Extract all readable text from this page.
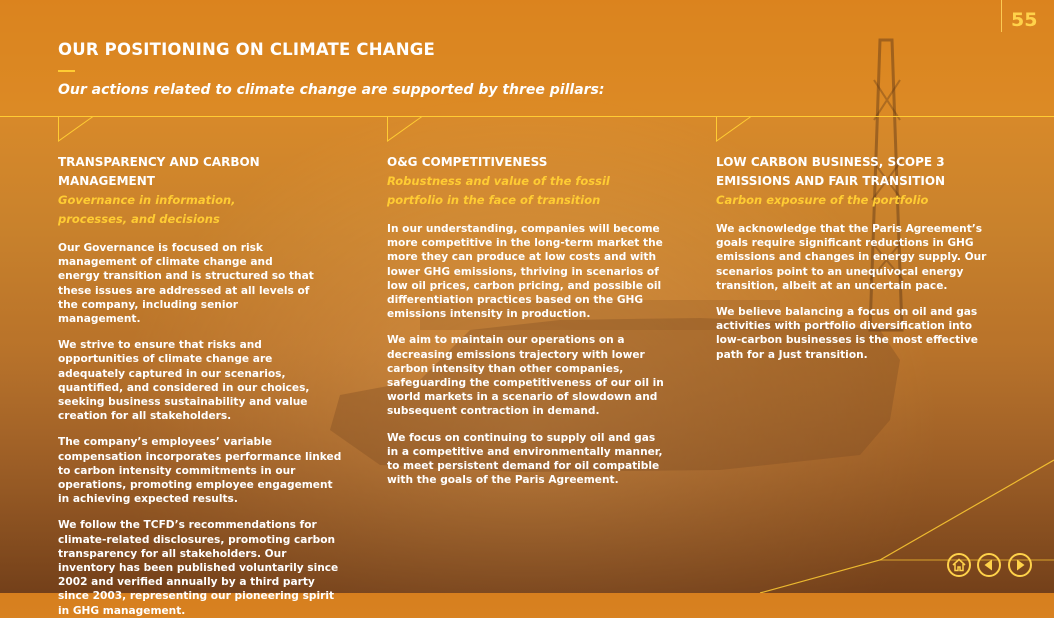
55
OUR POSITIONING ON CLIMATE CHANGE
Our actions related to climate change are supported by three pillars:
TRANSPARENCY AND CARBON MANAGEMENT
Governance in information, processes, and decisions
Our Governance is focused on risk management of climate change and energy transition and is structured so that these issues are addressed at all levels of the company, including senior management.
We strive to ensure that risks and opportunities of climate change are adequately captured in our scenarios, quantified, and considered in our choices, seeking business sustainability and value creation for all stakeholders.
The company’s employees’ variable compensation incorporates performance linked to carbon intensity commitments in our operations, promoting employee engagement in achieving expected results.
We follow the TCFD’s recommendations for climate-related disclosures, promoting carbon transparency for all stakeholders. Our inventory has been published voluntarily since 2002 and verified annually by a third party since 2003, representing our pioneering spirit in GHG management.
O&G COMPETITIVENESS
Robustness and value of the fossil portfolio in the face of transition
In our understanding, companies will become more competitive in the long-term market the more they can produce at low costs and with lower GHG emissions, thriving in scenarios of low oil prices, carbon pricing, and possible oil differentiation practices based on the GHG emissions intensity in production.
We aim to maintain our operations on a decreasing emissions trajectory with lower carbon intensity than other companies, safeguarding the competitiveness of our oil in world markets in a scenario of slowdown and subsequent contraction in demand.
We focus on continuing to supply oil and gas in a competitive and environmentally manner, to meet persistent demand for oil compatible with the goals of the Paris Agreement.
LOW CARBON BUSINESS, SCOPE 3 EMISSIONS AND FAIR TRANSITION
Carbon exposure of the portfolio
We acknowledge that the Paris Agreement’s goals require significant reductions in GHG emissions and changes in energy supply. Our scenarios point to an unequivocal energy transition, albeit at an uncertain pace.
We believe balancing a focus on oil and gas activities with portfolio diversification into low-carbon businesses is the most effective path for a Just transition.
